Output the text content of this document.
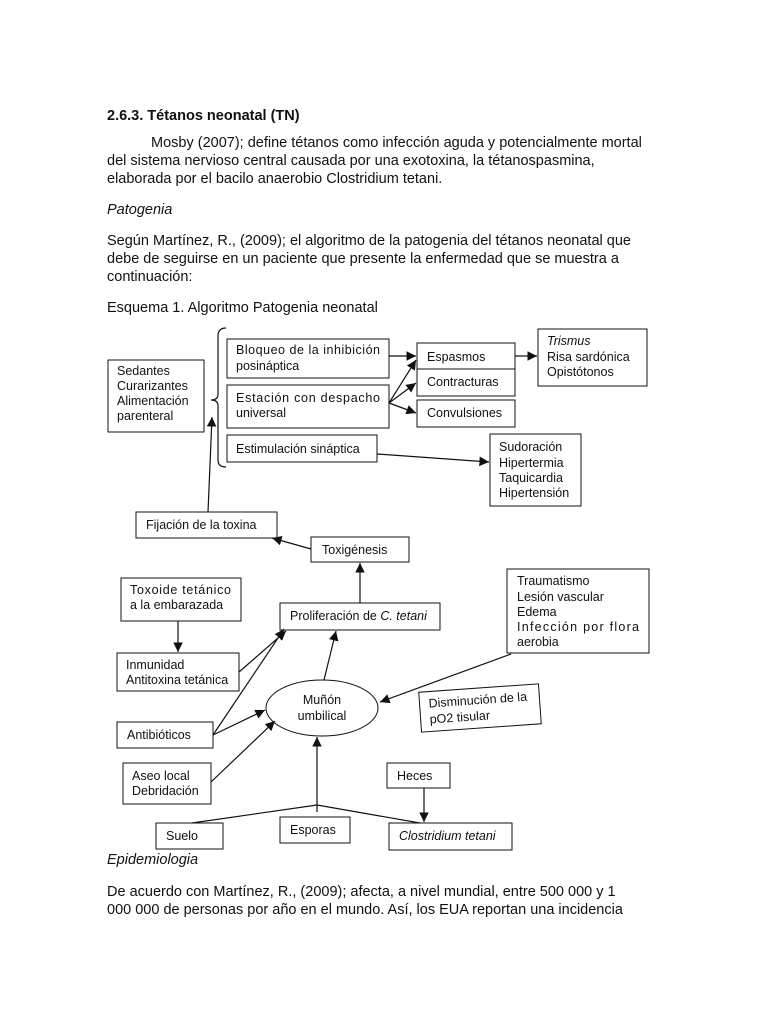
2.6.3. Tétanos neonatal (TN)
Mosby (2007); define tétanos como infección aguda y potencialmente mortal
del sistema nervioso central causada por una exotoxina, la tétanospasmina,
elaborada por el bacilo anaerobio Clostridium tetani.
Patogenia
Según Martínez, R., (2009); el algoritmo de la patogenia del tétanos neonatal que
debe de seguirse en un paciente que presente la enfermedad que se muestra a
continuación:
Esquema 1. Algoritmo Patogenia neonatal
Sedantes
Curarizantes
Alimentación
parenteral
Bloqueo de la inhibición
posináptica
Estación con despacho
universal
Estimulación sináptica
Espasmos
Contracturas
Convulsiones
Trismus
Risa sardónica
Opistótonos
Sudoración
Hipertermia
Taquicardia
Hipertensión
Fijación de la toxina
Toxigénesis
Toxoide tetánico
a la embarazada
Proliferación de C. tetani
Traumatismo
Lesión vascular
Edema
Infección por flora
aerobia
Inmunidad
Antitoxina tetánica
Muñón
umbilical
Disminución de la
pO2 tisular
Antibióticos
Aseo local
Debridación
Heces
Suelo	Esporas	Clostridium tetani
Epidemiologia
De acuerdo con Martínez, R., (2009); afecta, a nivel mundial, entre 500 000 y 1
000 000 de personas por año en el mundo. Así, los EUA reportan una incidencia
